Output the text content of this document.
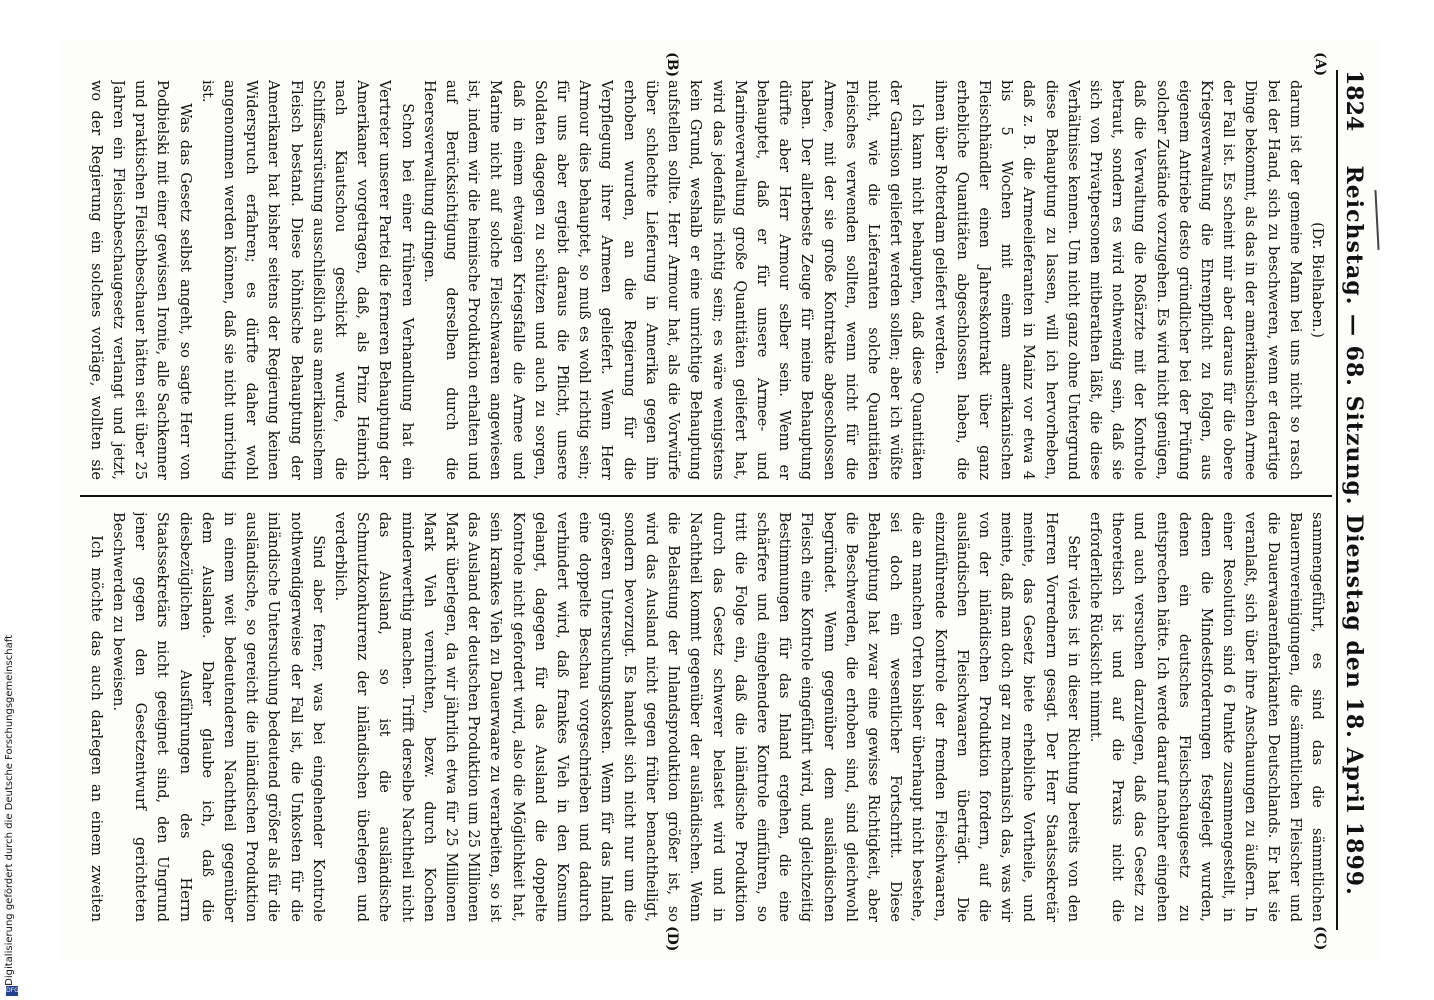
Digitalisierung gefördert durch die Deutsche Forschungsgemeinschaft
DFG
1824
Reichstag. — 68. Sitzung. Dienstag den 18. April 1899.
(A)
(B)
(C)
(D)

(Dr. Bielhaben.)

darum ist der gemeine Mann bei uns nicht so rasch bei der Hand, sich zu beschweren, wenn er derartige Dinge bekommt, als das in der amerikanischen Armee der Fall ist. Es scheint mir aber daraus für die obere Kriegsverwaltung die Ehrenpflicht zu folgen, aus eigenem Antriebe desto gründlicher bei der Prüfung solcher Zustände vorzugehen. Es wird nicht genügen, daß die Verwaltung die Roßärzte mit der Kontrole betraut, sondern es wird nothwendig sein, daß sie sich von Privatpersonen mitberathen läßt, die diese Verhältnisse kennen. Um nicht ganz ohne Untergrund diese Behauptung zu lassen, will ich hervorheben, daß z. B. die Armeelieferanten in Mainz vor etwa 4 bis 5 Wochen mit einem amerikanischen Fleischhändler einen Jahreskontrakt über ganz erhebliche Quantitäten abgeschlossen haben, die ihnen über Rotterdam geliefert werden.

Ich kann nicht behaupten, daß diese Quantitäten der Garnison geliefert werden sollen; aber ich wüßte nicht, wie die Lieferanten solche Quantitäten Fleisches verwenden sollten, wenn nicht für die Armee, mit der sie große Kontrakte abgeschlossen haben. Der allerbeste Zeuge für meine Behauptung dürfte aber Herr Armour selber sein. Wenn er behauptet, daß er für unsere Armee- und Marineverwaltung große Quantitäten geliefert hat, wird das jedenfalls richtig sein; es wäre wenigstens kein Grund, weshalb er eine unrichtige Behauptung aufstellen sollte. Herr Armour hat, als die Vorwürfe über schlechte Lieferung in Amerika gegen ihn erhoben wurden, an die Regierung für die Verpflegung ihrer Armeen geliefert. Wenn Herr Armour dies behauptet, so muß es wohl richtig sein; für uns aber ergiebt daraus die Pflicht, unsere Soldaten dagegen zu schützen und auch zu sorgen, daß in einem etwaigen Kriegsfalle die Armee und Marine nicht auf solche Fleischwaaren angewiesen ist, indem wir die heimische Produktion erhalten und auf Berücksichtigung derselben durch die Heeresverwaltung dringen.

Schon bei einer früheren Verhandlung hat ein Vertreter unserer Partei die ferneren Behauptung der Amerikaner vorgetragen, daß, als Prinz Heinrich nach Kiautschou geschickt wurde, die Schiffsausrüstung ausschließlich aus amerikanischem Fleisch bestand. Diese höhnische Behauptung der Amerikaner hat bisher seitens der Regierung keinen Widerspruch erfahren; es dürfte daher wohl angenommen werden können, daß sie nicht unrichtig ist.

Was das Gesetz selbst angeht, so sagte Herr von Podbielski mit einer gewissen Ironie, alle Sachkenner und praktischen Fleischbeschauer hätten seit über 25 Jahren ein Fleischbeschaugesetz verlangt und jetzt, wo der Regierung ein solches vorläge, wollten sie

sammengeführt, es sind das die sämmtlichen Bauernvereinigungen, die sämmtlichen Fleischer und die Dauerwaarenfabrikanten Deutschlands. Er hat sie veranlaßt, sich über ihre Anschauungen zu äußern. In einer Resolution sind 6 Punkte zusammengestellt, in denen die Mindestforderungen festgelegt wurden, denen ein deutsches Fleischschaugesetz zu entsprechen hätte. Ich werde darauf nachher eingehen und auch versuchen darzulegen, daß das Gesetz zu theoretisch ist und auf die Praxis nicht die erforderliche Rücksicht nimmt.

Sehr vieles ist in dieser Richtung bereits von den Herren Vorrednern gesagt. Der Herr Staatssekretär meinte, das Gesetz biete erhebliche Vortheile, und meinte, daß man doch gar zu mechanisch das, was wir von der inländischen Produktion fordern, auf die ausländischen Fleischwaaren überträgt. Die einzuführende Kontrole der fremden Fleischwaaren, die an manchen Orten bisher überhaupt nicht bestehe, sei doch ein wesentlicher Fortschritt. Diese Behauptung hat zwar eine gewisse Richtigkeit, aber die Beschwerden, die erhoben sind, sind gleichwohl begründet. Wenn gegenüber dem ausländischen Fleisch eine Kontrole eingeführt wird, und gleichzeitig Bestimmungen für das Inland ergehen, die eine schärfere und eingehendere Kontrole einführen, so tritt die Folge ein, daß die inländische Produktion durch das Gesetz schwerer belastet wird und in Nachtheil kommt gegenüber der ausländischen. Wenn die Belastung der Inlandsproduktion größer ist, so wird das Ausland nicht gegen früher benachtheiligt, sondern bevorzugt. Es handelt sich nicht nur um die größeren Untersuchungskosten. Wenn für das Inland eine doppelte Beschau vorgeschrieben und dadurch verhindert wird, daß frankes Vieh in den Konsum gelangt, dagegen für das Ausland die doppelte Kontrole nicht gefordert wird, also die Möglichkeit hat, sein krankes Vieh zu Dauerwaare zu verarbeiten, so ist das Ausland der deutschen Produktion um 25 Millionen Mark überlegen, da wir jährlich etwa für 25 Millionen Mark Vieh vernichten, bezw. durch Kochen minderwerthig machen. Trifft derselbe Nachtheil nicht das Ausland, so ist die ausländische Schmutzkonkurrenz der inländischen überlegen und verderblich.

Sind aber ferner, was bei eingehender Kontrole nothwendigerweise der Fall ist, die Unkosten für die inländische Untersuchung bedeutend größer als für die ausländische, so gereicht die inländischen Produktion in einem weit bedeutenderen Nachtheil gegenüber dem Auslande. Daher glaube ich, daß die diesbezüglichen Ausführungen des Herrn Staatssekretärs nicht geeignet sind, den Ungrund jener gegen den Gesetzentwurf gerichteten Beschwerden zu beweisen.

Ich möchte das auch darlegen an einem zweiten
